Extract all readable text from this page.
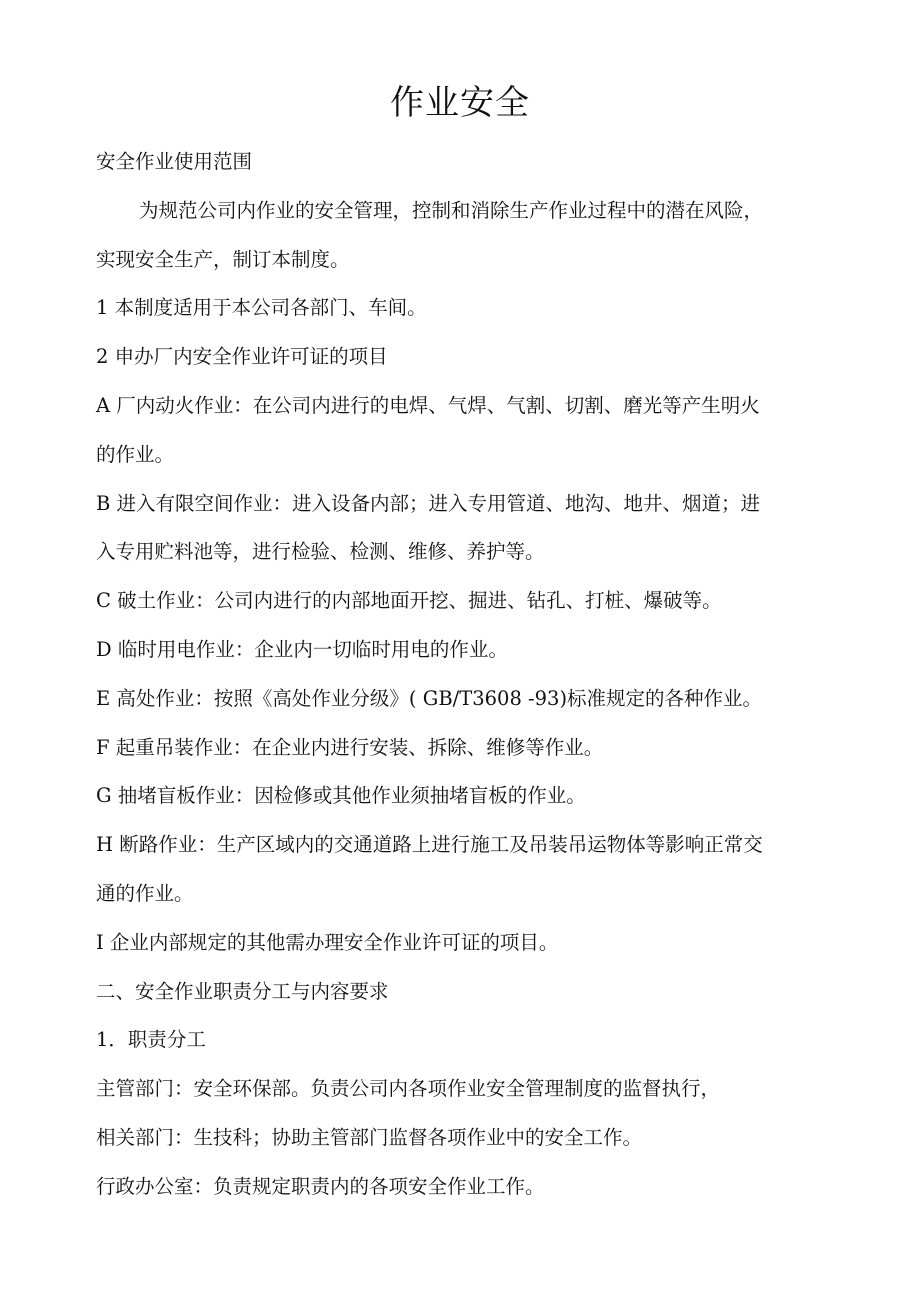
作业安全

安全作业使用范围

为规范公司内作业的安全管理，控制和消除生产作业过程中的潜在风险，

实现安全生产，制订本制度。

1 本制度适用于本公司各部门、车间。

2 申办厂内安全作业许可证的项目

A 厂内动火作业：在公司内进行的电焊、气焊、气割、切割、磨光等产生明火

的作业。

B 进入有限空间作业：进入设备内部；进入专用管道、地沟、地井、烟道；进

入专用贮料池等，进行检验、检测、维修、养护等。

C 破土作业：公司内进行的内部地面开挖、掘进、钻孔、打桩、爆破等。

D 临时用电作业：企业内一切临时用电的作业。

E 高处作业：按照《高处作业分级》( GB/T3608 -93)标准规定的各种作业。

F 起重吊装作业：在企业内进行安装、拆除、维修等作业。

G 抽堵盲板作业：因检修或其他作业须抽堵盲板的作业。

H 断路作业：生产区域内的交通道路上进行施工及吊装吊运物体等影响正常交

通的作业。

I 企业内部规定的其他需办理安全作业许可证的项目。

二、安全作业职责分工与内容要求

1．职责分工

主管部门：安全环保部。负责公司内各项作业安全管理制度的监督执行，

相关部门：生技科；协助主管部门监督各项作业中的安全工作。

行政办公室：负责规定职责内的各项安全作业工作。
